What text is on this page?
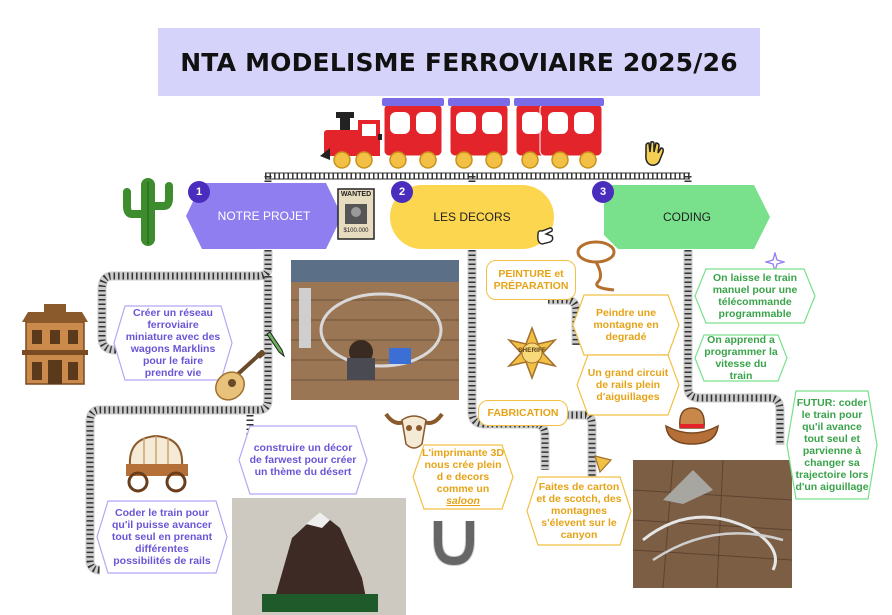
NTA MODELISME FERROVIAIRE 2025/26
NOTRE PROJET
1	WANTED
$100.000
LES DECORS
2
CODING
3
Créer un réseau ferroviaire miniature avec des wagons Marklins pour le faire prendre vie
construire un décor de farwest pour créer un thème du désert
Coder le train pour qu'il puisse avancer tout seul en prenant différentes possibilités de rails
PEINTURE et PRÉPARATION
FABRICATION
SHERIFF
Peindre une montagne en degradé
Un grand circuit de rails plein d'aiguillages
L'imprimante 3D nous crée plein d e decors comme un saloon
Faites de carton et de scotch, des montagnes s'élevent sur le canyon
On laisse le train manuel pour une télécommande programmable
On apprend a programmer la vitesse du train
FUTUR: coder le train pour qu'il avance tout seul et parvienne à changer sa trajectoire lors d'un aiguillage
